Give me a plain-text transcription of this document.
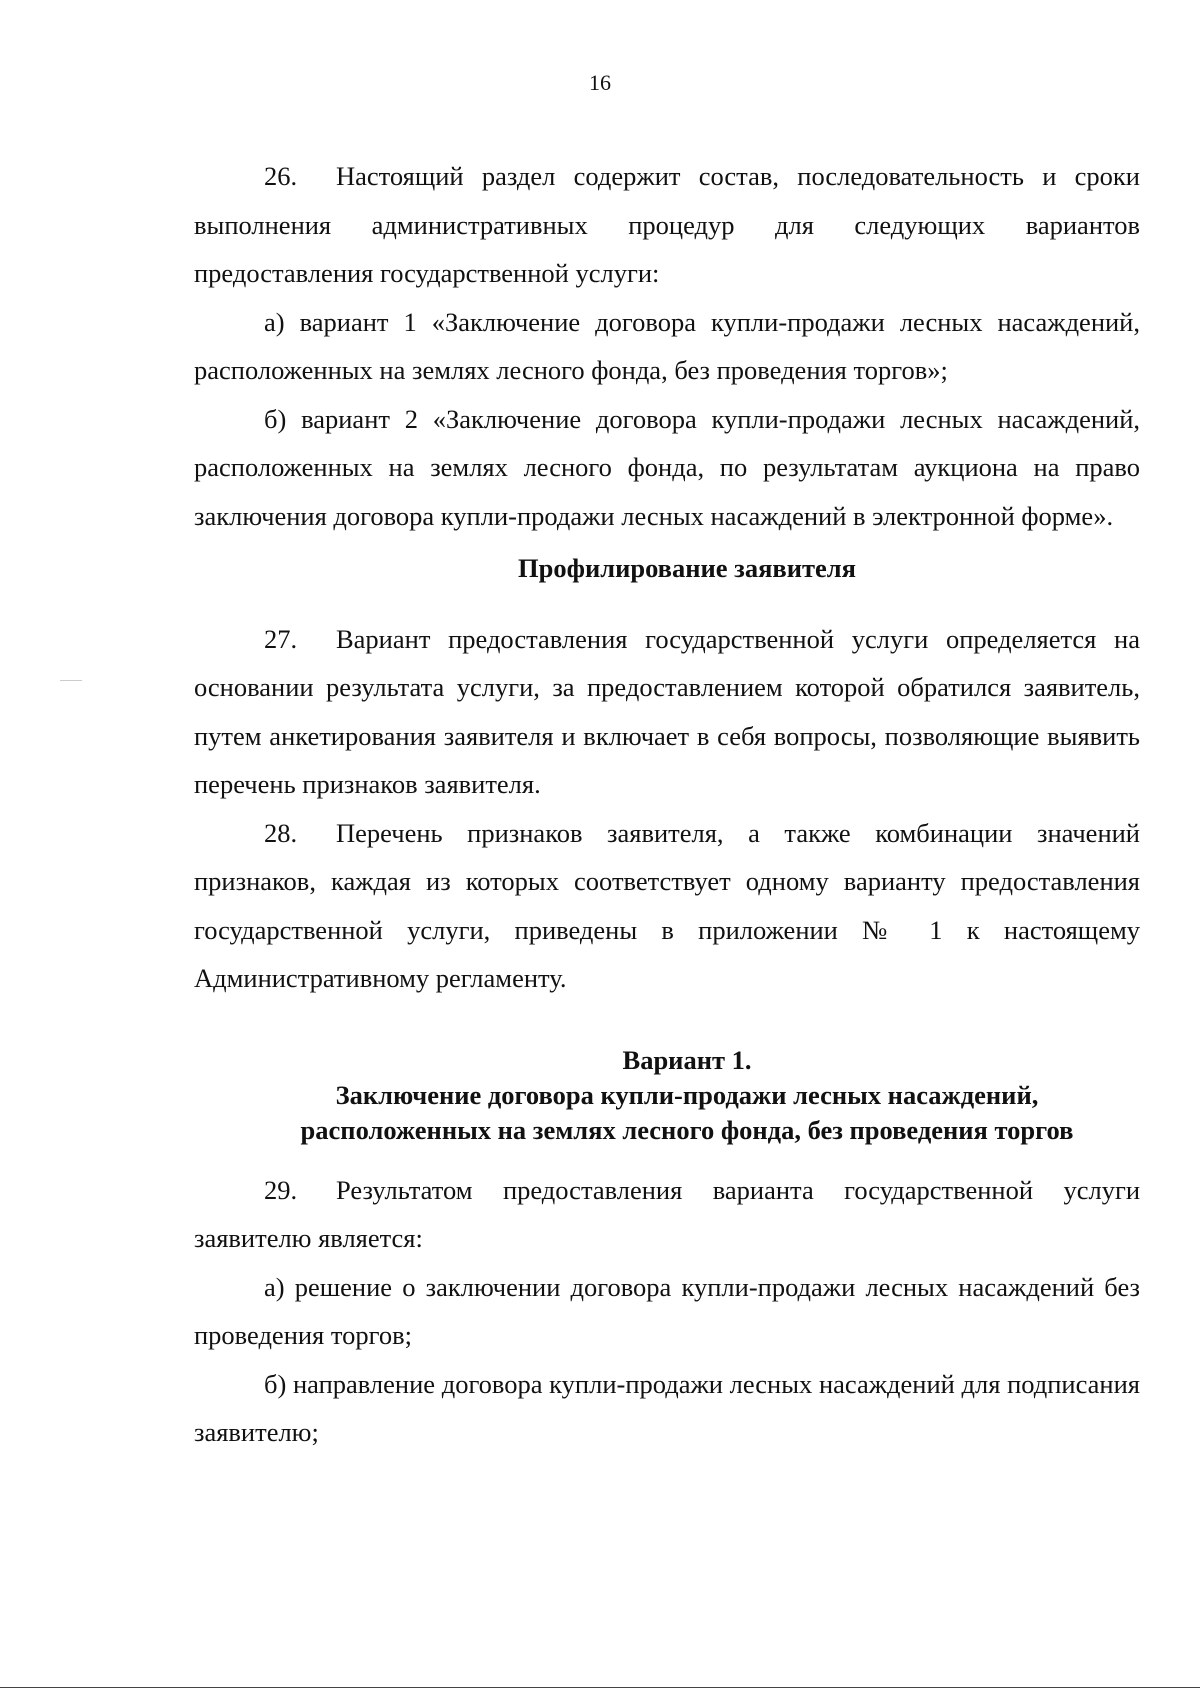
16

26. Настоящий раздел содержит состав, последовательность и сроки выполнения административных процедур для следующих вариантов предоставления государственной услуги:

а) вариант 1 «Заключение договора купли-продажи лесных насаждений, расположенных на землях лесного фонда, без проведения торгов»;

б) вариант 2 «Заключение договора купли-продажи лесных насаждений, расположенных на землях лесного фонда, по результатам аукциона на право заключения договора купли-продажи лесных насаждений в электронной форме».

Профилирование заявителя

27. Вариант предоставления государственной услуги определяется на основании результата услуги, за предоставлением которой обратился заявитель, путем анкетирования заявителя и включает в себя вопросы, позволяющие выявить перечень признаков заявителя.

28. Перечень признаков заявителя, а также комбинации значений признаков, каждая из которых соответствует одному варианту предоставления государственной услуги, приведены в приложении № 1 к настоящему Административному регламенту.

Вариант 1.
Заключение договора купли-продажи лесных насаждений,
расположенных на землях лесного фонда, без проведения торгов

29. Результатом предоставления варианта государственной услуги заявителю является:

а) решение о заключении договора купли-продажи лесных насаждений без проведения торгов;

б) направление договора купли-продажи лесных насаждений для подписания заявителю;
